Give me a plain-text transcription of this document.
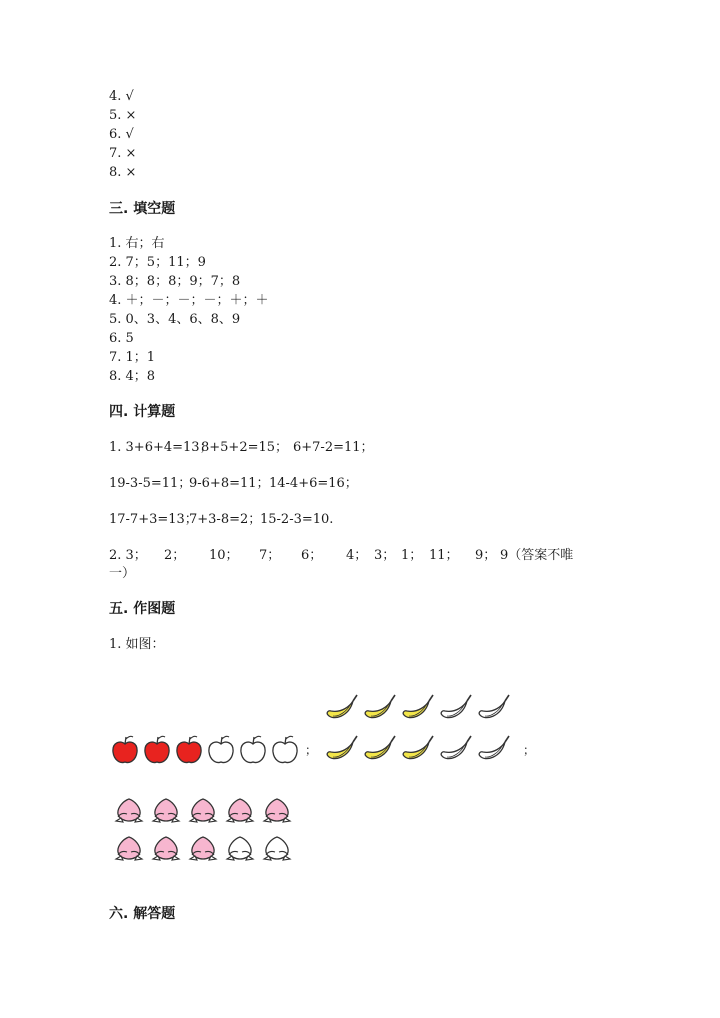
4. √
5. ×
6. √
7. ×
8. ×
三. 填空题
1. 右；右
2. 7；5；11；9
3. 8；8；8；9；7；8
4. ＋；－；－；－；＋；＋
5. 0、3、4、6、8、9
6. 5
7. 1；1
8. 4；8
四. 计算题
1. 3+6+4=13；8+5+2=15； 6+7-2=11；
19-3-5=11；9-6+8=11；14-4+6=16；
17-7+3=13；7+3-8=2；15-2-3=10.
2. 3； 2； 10； 7； 6； 4； 3； 1； 11； 9； 9（答案不唯
一）
五. 作图题
1. 如图：
；	；
六. 解答题
